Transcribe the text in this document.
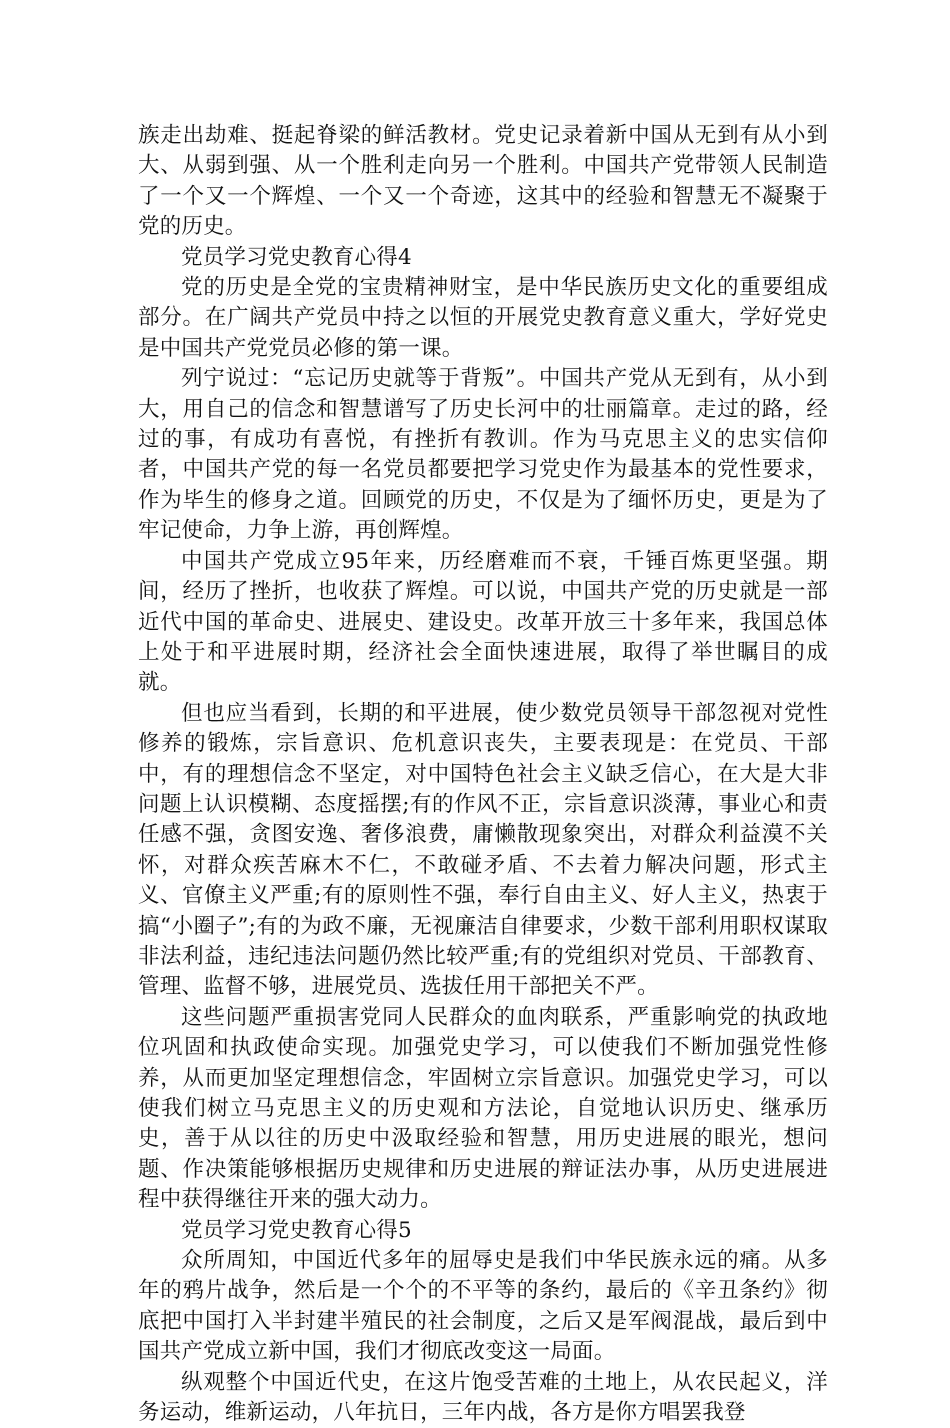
族走出劫难、挺起脊梁的鲜活教材。党史记录着新中国从无到有从小到大、从弱到强、从一个胜利走向另一个胜利。中国共产党带领人民制造了一个又一个辉煌、一个又一个奇迹，这其中的经验和智慧无不凝聚于党的历史。

党员学习党史教育心得4

党的历史是全党的宝贵精神财宝，是中华民族历史文化的重要组成部分。在广阔共产党员中持之以恒的开展党史教育意义重大，学好党史是中国共产党党员必修的第一课。

列宁说过：“忘记历史就等于背叛”。中国共产党从无到有，从小到大，用自己的信念和智慧谱写了历史长河中的壮丽篇章。走过的路，经过的事，有成功有喜悦，有挫折有教训。作为马克思主义的忠实信仰者，中国共产党的每一名党员都要把学习党史作为最基本的党性要求，作为毕生的修身之道。回顾党的历史，不仅是为了缅怀历史，更是为了牢记使命，力争上游，再创辉煌。

中国共产党成立95年来，历经磨难而不衰，千锤百炼更坚强。期间，经历了挫折，也收获了辉煌。可以说，中国共产党的历史就是一部近代中国的革命史、进展史、建设史。改革开放三十多年来，我国总体上处于和平进展时期，经济社会全面快速进展，取得了举世瞩目的成就。

但也应当看到，长期的和平进展，使少数党员领导干部忽视对党性修养的锻炼，宗旨意识、危机意识丧失，主要表现是：在党员、干部中，有的理想信念不坚定，对中国特色社会主义缺乏信心，在大是大非问题上认识模糊、态度摇摆;有的作风不正，宗旨意识淡薄，事业心和责任感不强，贪图安逸、奢侈浪费，庸懒散现象突出，对群众利益漠不关怀，对群众疾苦麻木不仁，不敢碰矛盾、不去着力解决问题，形式主义、官僚主义严重;有的原则性不强，奉行自由主义、好人主义，热衷于搞“小圈子”;有的为政不廉，无视廉洁自律要求，少数干部利用职权谋取非法利益，违纪违法问题仍然比较严重;有的党组织对党员、干部教育、管理、监督不够，进展党员、选拔任用干部把关不严。

这些问题严重损害党同人民群众的血肉联系，严重影响党的执政地位巩固和执政使命实现。加强党史学习，可以使我们不断加强党性修养，从而更加坚定理想信念，牢固树立宗旨意识。加强党史学习，可以使我们树立马克思主义的历史观和方法论，自觉地认识历史、继承历史，善于从以往的历史中汲取经验和智慧，用历史进展的眼光，想问题、作决策能够根据历史规律和历史进展的辩证法办事，从历史进展进程中获得继往开来的强大动力。

党员学习党史教育心得5

众所周知，中国近代多年的屈辱史是我们中华民族永远的痛。从多年的鸦片战争，然后是一个个的不平等的条约，最后的《辛丑条约》彻底把中国打入半封建半殖民的社会制度，之后又是军阀混战，最后到中国共产党成立新中国，我们才彻底改变这一局面。

纵观整个中国近代史，在这片饱受苦难的土地上，从农民起义，洋务运动，维新运动，八年抗日，三年内战，各方是你方唱罢我登
